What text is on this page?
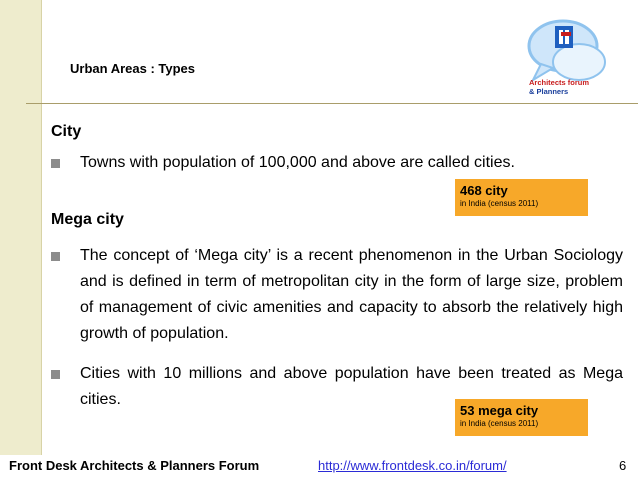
Urban Areas : Types
Architects forum
& Planners
City
Towns with population of 100,000 and above are called cities.
468 city
in India (census 2011)
Mega city
The concept of ‘Mega city’ is a recent phenomenon in the Urban Sociology and is defined in term of metropolitan city in the form of large size, problem of management of civic amenities and capacity to absorb the relatively high growth of population.
Cities with 10 millions and above population have been treated as Mega cities.
53 mega city
in India (census 2011)
Front Desk Architects & Planners Forum	http://www.frontdesk.co.in/forum/	6
